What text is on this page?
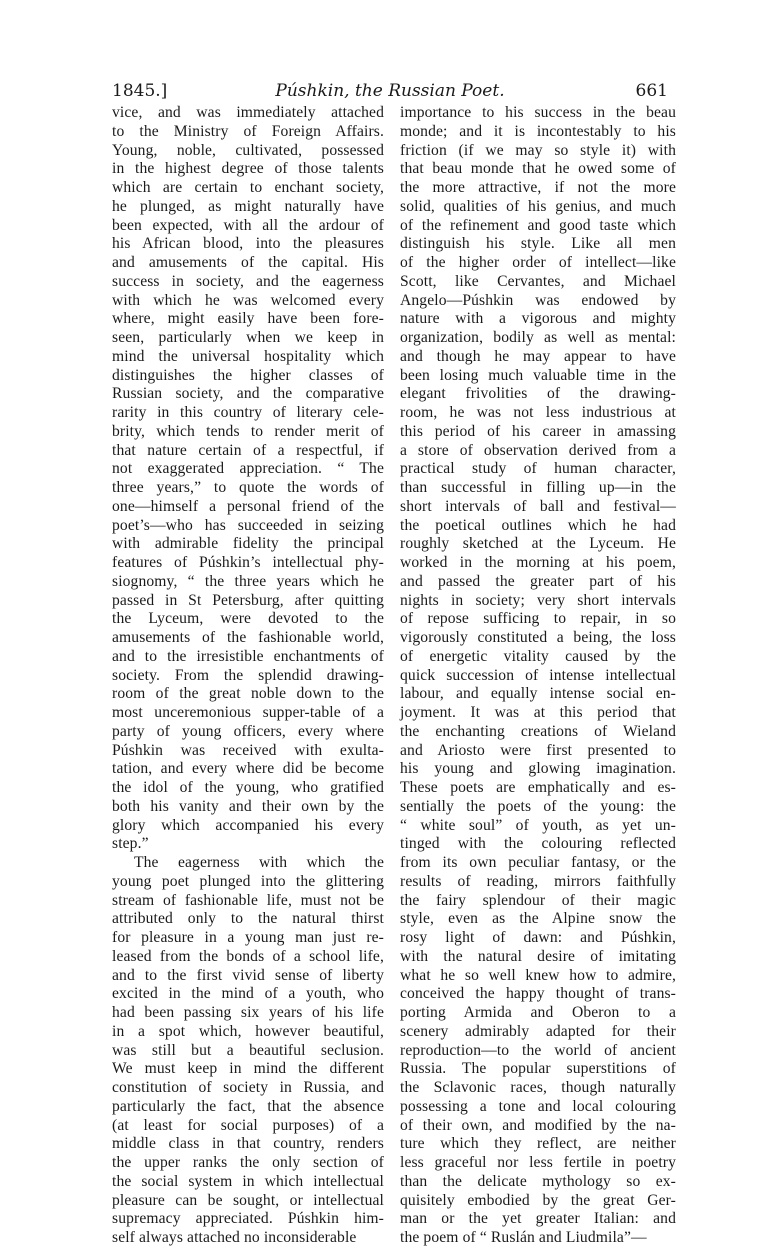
1845.]	Púshkin, the Russian Poet.	661
vice, and was immediately attached
to the Ministry of Foreign Affairs.
Young, noble, cultivated, possessed
in the highest degree of those talents
which are certain to enchant society,
he plunged, as might naturally have
been expected, with all the ardour of
his African blood, into the pleasures
and amusements of the capital. His
success in society, and the eagerness
with which he was welcomed every
where, might easily have been fore-
seen, particularly when we keep in
mind the universal hospitality which
distinguishes the higher classes of
Russian society, and the comparative
rarity in this country of literary cele-
brity, which tends to render merit of
that nature certain of a respectful, if
not exaggerated appreciation. “ The
three years,” to quote the words of
one—himself a personal friend of the
poet’s—who has succeeded in seizing
with admirable fidelity the principal
features of Púshkin’s intellectual phy-
siognomy, “ the three years which he
passed in St Petersburg, after quitting
the Lyceum, were devoted to the
amusements of the fashionable world,
and to the irresistible enchantments of
society. From the splendid drawing-
room of the great noble down to the
most unceremonious supper-table of a
party of young officers, every where
Púshkin was received with exulta-
tation, and every where did be become
the idol of the young, who gratified
both his vanity and their own by the
glory which accompanied his every
step.”
The eagerness with which the
young poet plunged into the glittering
stream of fashionable life, must not be
attributed only to the natural thirst
for pleasure in a young man just re-
leased from the bonds of a school life,
and to the first vivid sense of liberty
excited in the mind of a youth, who
had been passing six years of his life
in a spot which, however beautiful,
was still but a beautiful seclusion.
We must keep in mind the different
constitution of society in Russia, and
particularly the fact, that the absence
(at least for social purposes) of a
middle class in that country, renders
the upper ranks the only section of
the social system in which intellectual
pleasure can be sought, or intellectual
supremacy appreciated. Púshkin him-
self always attached no inconsiderable
importance to his success in the beau
monde; and it is incontestably to his
friction (if we may so style it) with
that beau monde that he owed some of
the more attractive, if not the more
solid, qualities of his genius, and much
of the refinement and good taste which
distinguish his style. Like all men
of the higher order of intellect—like
Scott, like Cervantes, and Michael
Angelo—Púshkin was endowed by
nature with a vigorous and mighty
organization, bodily as well as mental:
and though he may appear to have
been losing much valuable time in the
elegant frivolities of the drawing-
room, he was not less industrious at
this period of his career in amassing
a store of observation derived from a
practical study of human character,
than successful in filling up—in the
short intervals of ball and festival—
the poetical outlines which he had
roughly sketched at the Lyceum. He
worked in the morning at his poem,
and passed the greater part of his
nights in society; very short intervals
of repose sufficing to repair, in so
vigorously constituted a being, the loss
of energetic vitality caused by the
quick succession of intense intellectual
labour, and equally intense social en-
joyment. It was at this period that
the enchanting creations of Wieland
and Ariosto were first presented to
his young and glowing imagination.
These poets are emphatically and es-
sentially the poets of the young: the
“ white soul” of youth, as yet un-
tinged with the colouring reflected
from its own peculiar fantasy, or the
results of reading, mirrors faithfully
the fairy splendour of their magic
style, even as the Alpine snow the
rosy light of dawn: and Púshkin,
with the natural desire of imitating
what he so well knew how to admire,
conceived the happy thought of trans-
porting Armida and Oberon to a
scenery admirably adapted for their
reproduction—to the world of ancient
Russia. The popular superstitions of
the Sclavonic races, though naturally
possessing a tone and local colouring
of their own, and modified by the na-
ture which they reflect, are neither
less graceful nor less fertile in poetry
than the delicate mythology so ex-
quisitely embodied by the great Ger-
man or the yet greater Italian: and
the poem of “ Ruslán and Liudmila”—
